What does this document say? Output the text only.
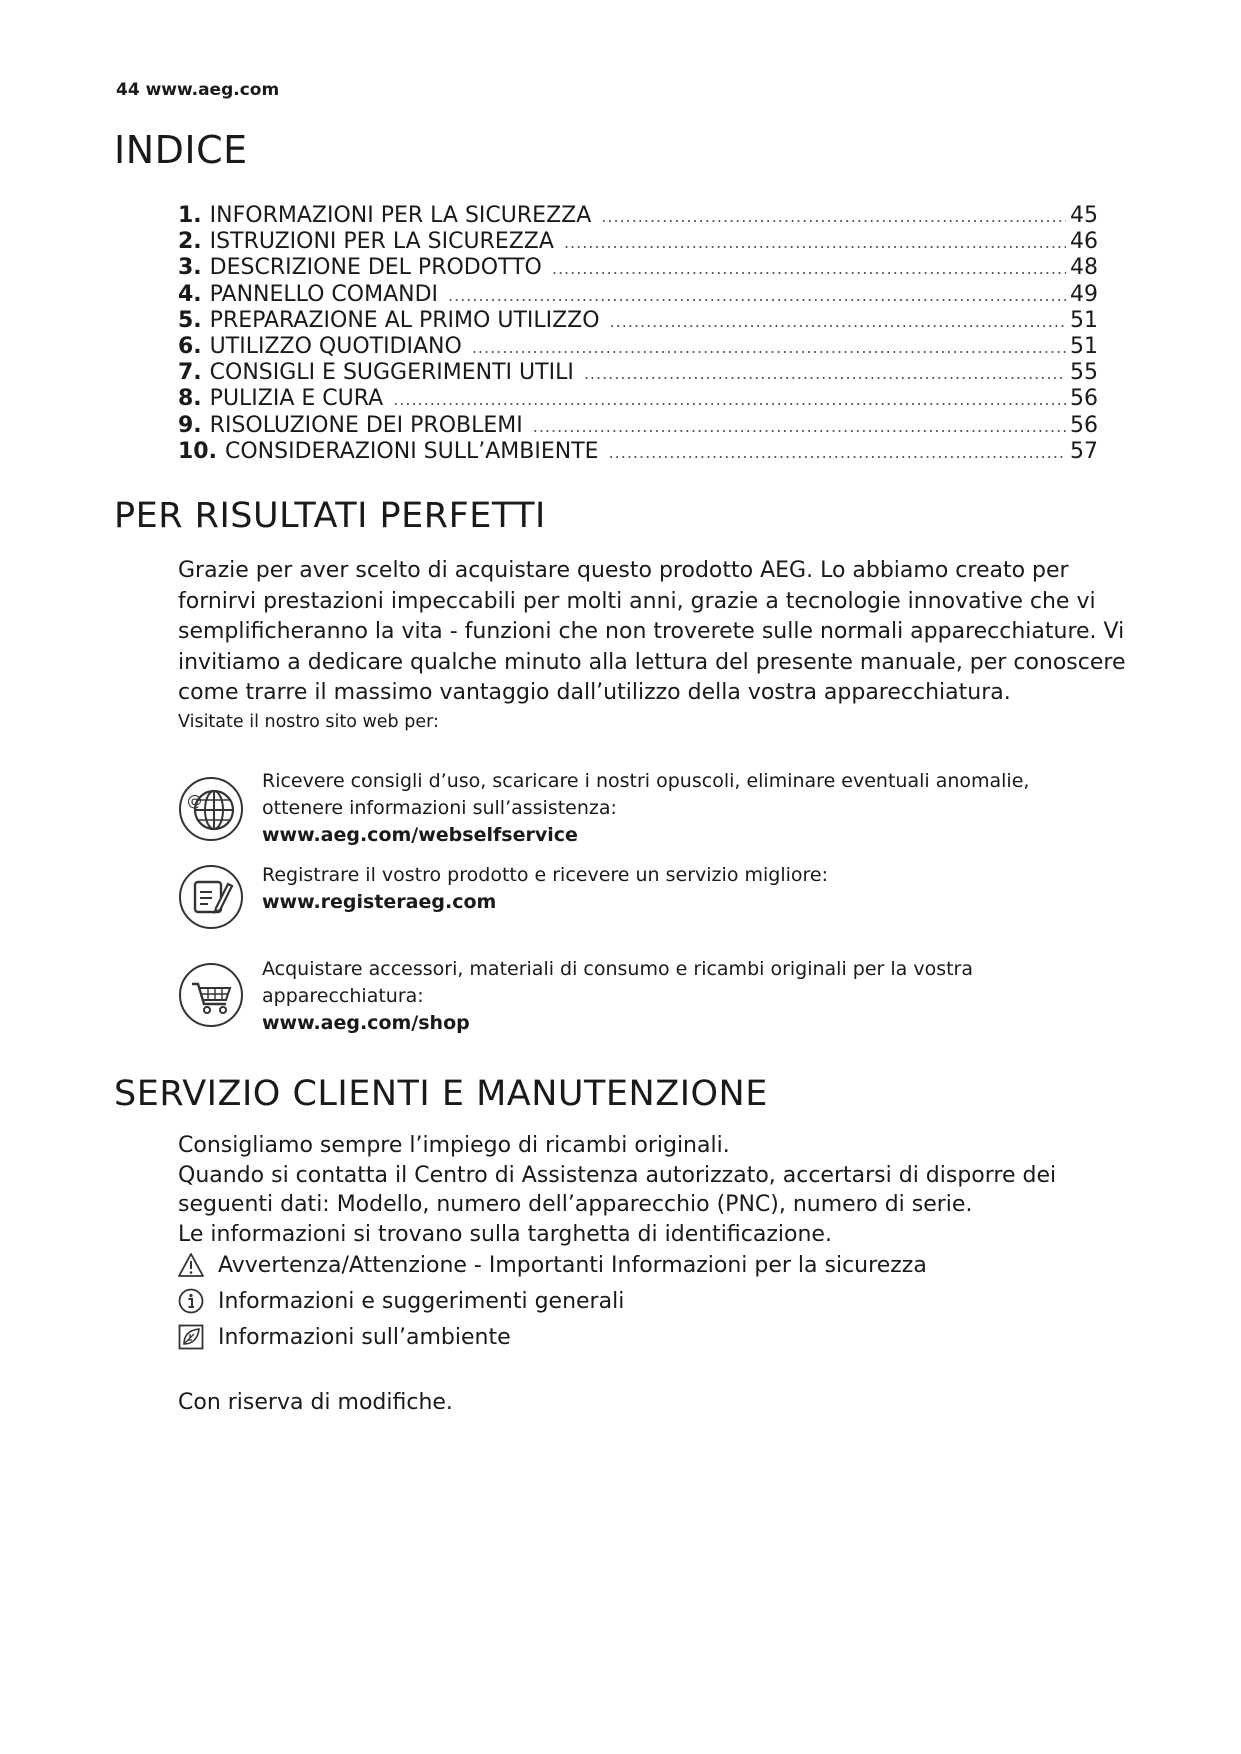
44 www.aeg.com
INDICE
1. INFORMAZIONI PER LA SICUREZZA .....	45
2. ISTRUZIONI PER LA SICUREZZA .....	46
3. DESCRIZIONE DEL PRODOTTO .....	48
4. PANNELLO COMANDI .....	49
5. PREPARAZIONE AL PRIMO UTILIZZO .....	51
6. UTILIZZO QUOTIDIANO .....	51
7. CONSIGLI E SUGGERIMENTI UTILI .....	55
8. PULIZIA E CURA .....	56
9. RISOLUZIONE DEI PROBLEMI .....	56
10. CONSIDERAZIONI SULL’AMBIENTE .....	57
PER RISULTATI PERFETTI

Grazie per aver scelto di acquistare questo prodotto AEG. Lo abbiamo creato per fornirvi prestazioni impeccabili per molti anni, grazie a tecnologie innovative che vi semplificheranno la vita - funzioni che non troverete sulle normali apparecchiature. Vi invitiamo a dedicare qualche minuto alla lettura del presente manuale, per conoscere come trarre il massimo vantaggio dall’utilizzo della vostra apparecchiatura.

Visitate il nostro sito web per:

@
Ricevere consigli d’uso, scaricare i nostri opuscoli, eliminare eventuali anomalie, ottenere informazioni sull’assistenza:
www.aeg.com/webselfservice
Registrare il vostro prodotto e ricevere un servizio migliore:
www.registeraeg.com
Acquistare accessori, materiali di consumo e ricambi originali per la vostra apparecchiatura:
www.aeg.com/shop
SERVIZIO CLIENTI E MANUTENZIONE

Consigliamo sempre l’impiego di ricambi originali.

Quando si contatta il Centro di Assistenza autorizzato, accertarsi di disporre dei seguenti dati: Modello, numero dell’apparecchio (PNC), numero di serie.

Le informazioni si trovano sulla targhetta di identificazione.

Avvertenza/Attenzione - Importanti Informazioni per la sicurezza
Informazioni e suggerimenti generali
Informazioni sull’ambiente

Con riserva di modifiche.
